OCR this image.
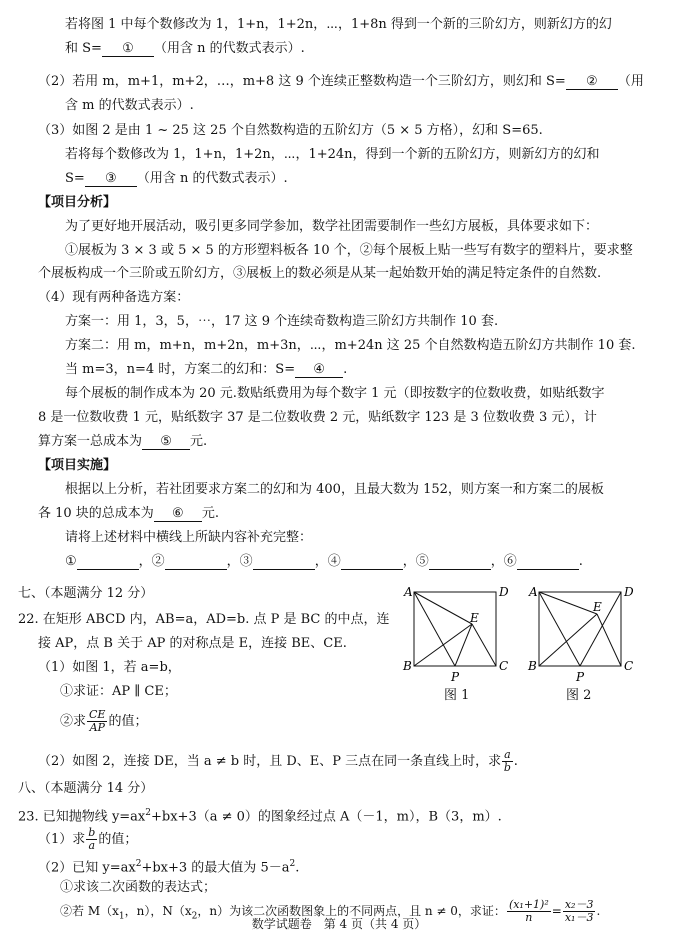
若将图 1 中每个数修改为 1，1+n，1+2n，⋯，1+8n 得到一个新的三阶幻方，则新幻方的幻
和 S= ① （用含 n 的代数式表示）.
（2）若用 m，m+1，m+2，…，m+8 这 9 个连续正整数构造一个三阶幻方，则幻和 S= ② （用
含 m 的代数式表示）.
（3）如图 2 是由 1 ~ 25 这 25 个自然数构造的五阶幻方（5 × 5 方格），幻和 S=65.
若将每个数修改为 1，1+n，1+2n，⋯，1+24n，得到一个新的五阶幻方，则新幻方的幻和
S= ③ （用含 n 的代数式表示）.
【项目分析】
为了更好地开展活动，吸引更多同学参加，数学社团需要制作一些幻方展板，具体要求如下：
①展板为 3 × 3 或 5 × 5 的方形塑料板各 10 个，②每个展板上贴一些写有数字的塑料片，要求整
个展板构成一个三阶或五阶幻方，③展板上的数必须是从某一起始数开始的满足特定条件的自然数.
（4）现有两种备选方案：
方案一：用 1，3，5，⋯，17 这 9 个连续奇数构造三阶幻方共制作 10 套.
方案二：用 m，m+n，m+2n，m+3n，⋯，m+24n 这 25 个自然数构造五阶幻方共制作 10 套.
当 m=3，n=4 时，方案二的幻和：S= ④ .
每个展板的制作成本为 20 元.数贴纸费用为每个数字 1 元（即按数字的位数收费，如贴纸数字
8 是一位数收费 1 元，贴纸数字 37 是二位数收费 2 元，贴纸数字 123 是 3 位数收费 3 元），计
算方案一总成本为 ⑤ 元.
【项目实施】
根据以上分析，若社团要求方案二的幻和为 400，且最大数为 152，则方案一和方案二的展板
各 10 块的总成本为 ⑥ 元.
请将上述材料中横线上所缺内容补充完整：
①	，②	，③	，④	，⑤	，⑥	.
七、（本题满分 12 分）
22. 在矩形 ABCD 内，AB=a，AD=b. 点 P 是 BC 的中点，连
接 AP，点 B 关于 AP 的对称点是 E，连接 BE、CE.
（1）如图 1，若 a=b，
①求证：AP ∥ CE；
②求 $\frac{CE}{AP}$ 的值；
（2）如图 2，连接 DE，当 a ≠ b 时，且 D、E、P 三点在同一条直线上时，求 $\frac{a}{b}$ .
A	D
B	C
E
P
图 1
A	D
B	C
E
P
图 2
八、（本题满分 14 分）
23. 已知抛物线 $y=ax^2+bx+3(a \ne 0)$的图象经过点 A（－1，m），B（3，m）.
（1）求 $\frac{b}{a}$ 的值；
（2）已知 $y=ax^2+bx+3$ 的最大值为 $5-a^2$.
①求该二次函数的表达式；
②若 $M(x_1$，n），$N(x_2$，n）为该二次函数图象上的不同两点，且 n ≠ 0，求证： $\frac{\text{(x₁+1)²}}{n} = \frac{\text{x₂－3}}{\text{x₁－3}}$ .
数学试题卷　第 4 页（共 4 页）
